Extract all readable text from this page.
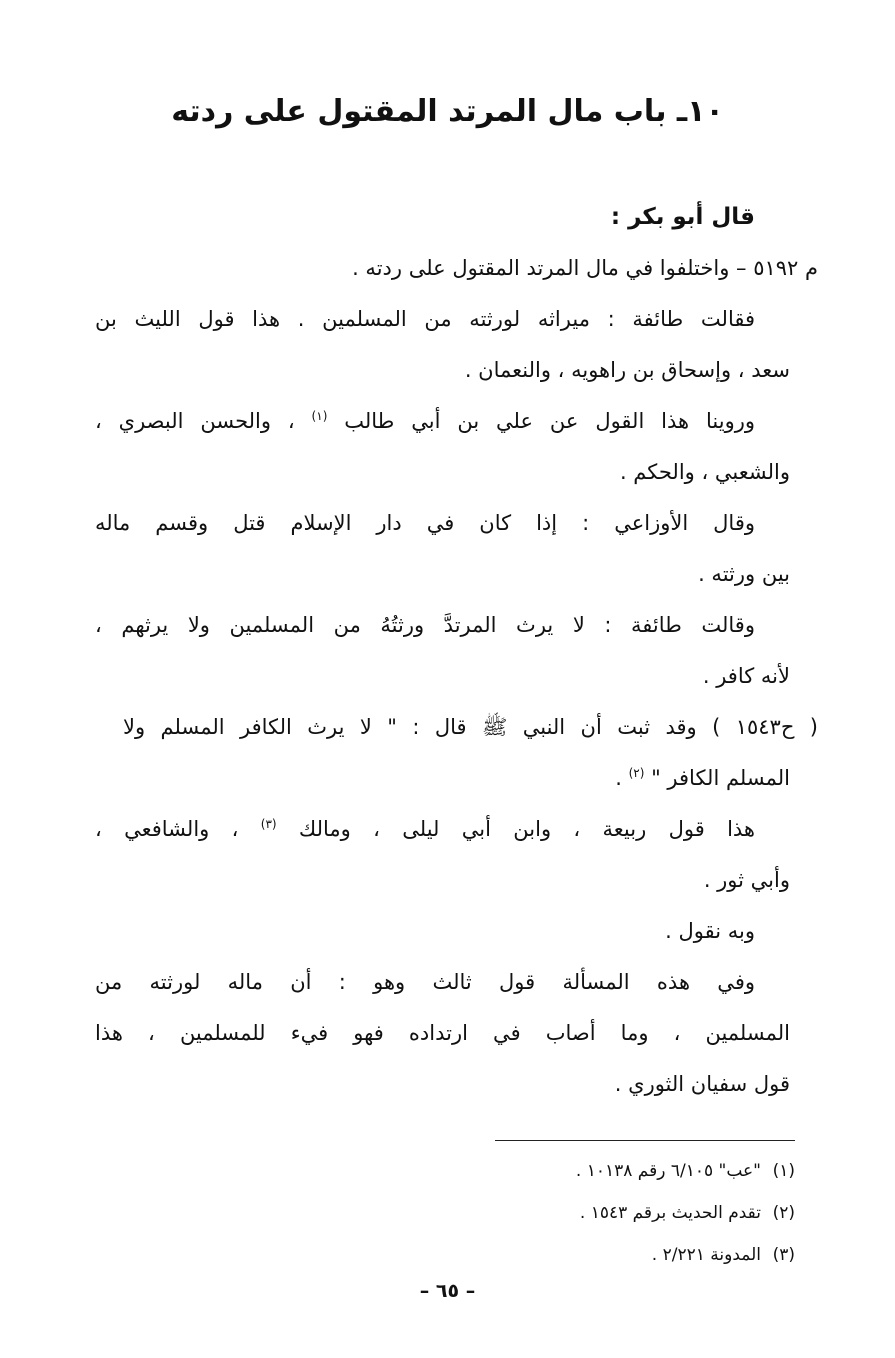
١٠ـ باب مال المرتد المقتول على ردته
قال أبو بكر :
م ٥١٩٢ – واختلفوا في مال المرتد المقتول على ردته .
فقالت طائفة : ميراثه لورثته من المسلمين . هذا قول الليث بن
سعد ، وإسحاق بن راهويه ، والنعمان .
وروينا هذا القول عن علي بن أبي طالب $^{(١)}$ ، والحسن البصري ،
والشعبي ، والحكم .
وقال الأوزاعي : إذا كان في دار الإسلام قتل وقسم ماله
بين ورثته .
وقالت طائفة : لا يرث المرتدَّ ورثتُهُ من المسلمين ولا يرثهم ،
لأنه كافر .
( ح١٥٤٣ ) وقد ثبت أن النبي ﷺ قال : " لا يرث الكافر المسلم ولا
المسلم الكافر " $^{(٢)}$ .
هذا قول ربيعة ، وابن أبي ليلى ، ومالك $^{(٣)}$ ، والشافعي ،
وأبي ثور .
وبه نقول .
وفي هذه المسألة قول ثالث وهو : أن ماله لورثته من
المسلمين ، وما أصاب في ارتداده فهو فيء للمسلمين ، هذا
قول سفيان الثوري .
(١)"عب" ٦/١٠٥ رقم ١٠١٣٨ .
(٢)تقدم الحديث برقم ١٥٤٣ .
(٣)المدونة ٢/٢٢١ .
– ٦٥ –
